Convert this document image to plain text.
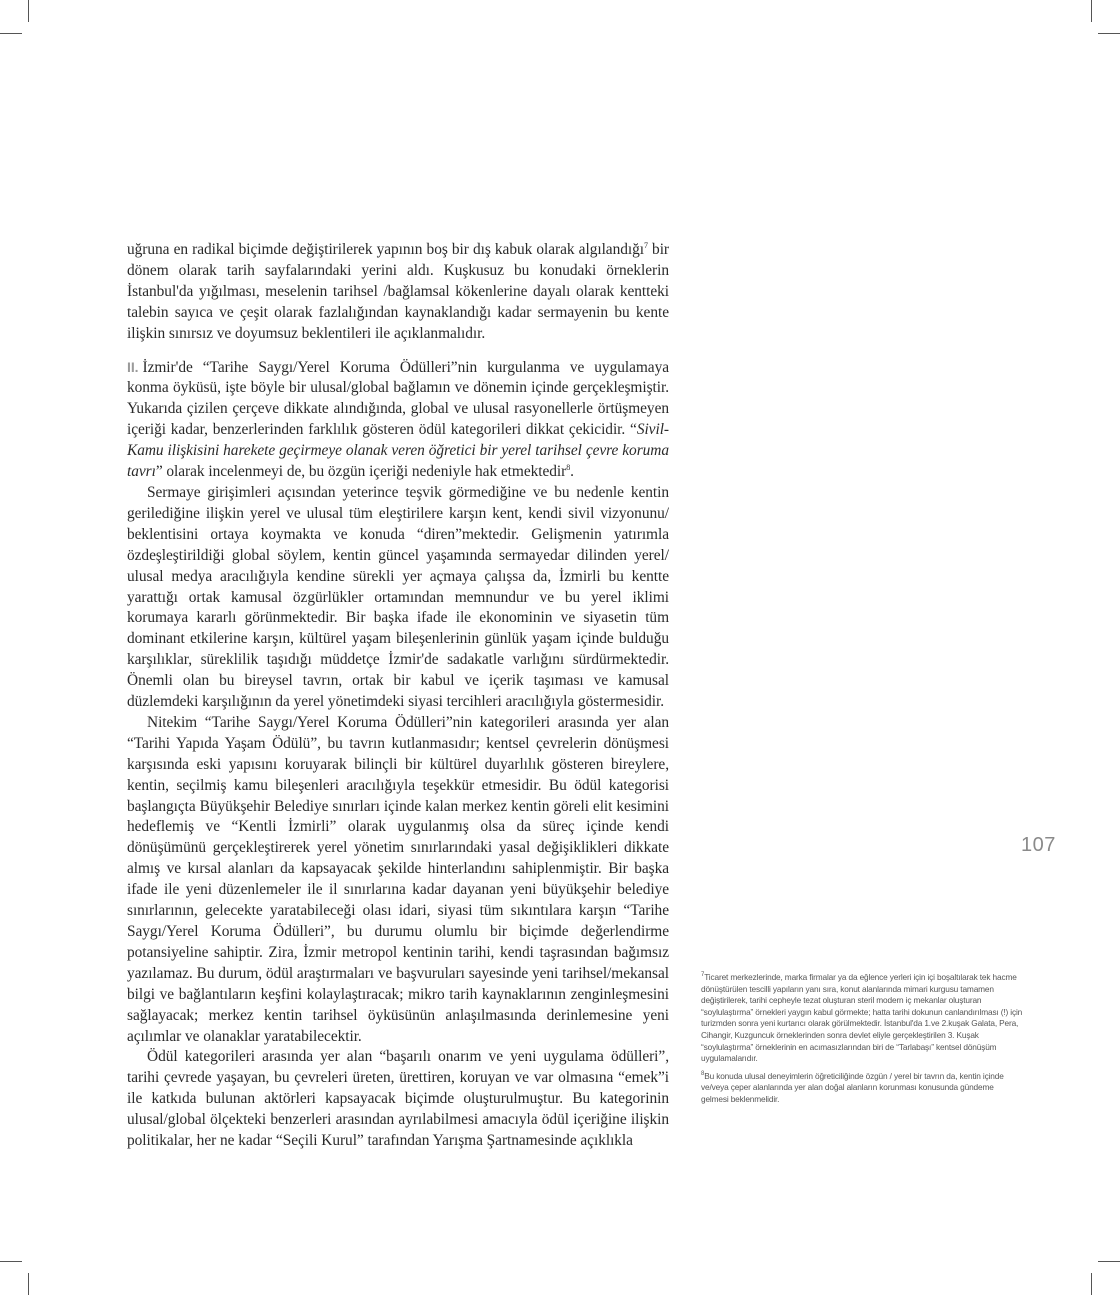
uğruna en radikal biçimde değiştirilerek yapının boş bir dış kabuk olarak algılandığı$^7$ bir dönem olarak tarih sayfalarındaki yerini aldı. Kuşkusuz bu konudaki örneklerin İstanbul'da yığılması, meselenin tarihsel /bağlamsal kökenlerine dayalı olarak kentteki talebin sayıca ve çeşit olarak fazlalığından kaynaklandığı kadar sermayenin bu kente ilişkin sınırsız ve doyumsuz beklentileri ile açıklanmalıdır.

II. İzmir'de “Tarihe Saygı/Yerel Koruma Ödülleri”nin kurgulanma ve uygulamaya konma öyküsü, işte böyle bir ulusal/global bağlamın ve dönemin içinde gerçekleşmiştir. Yukarıda çizilen çerçeve dikkate alındığında, global ve ulusal rasyonellerle örtüşmeyen içeriği kadar, benzerlerinden farklılık gösteren ödül kategorileri dikkat çekicidir. “Sivil-Kamu ilişkisini harekete geçirmeye olanak veren öğretici bir yerel tarihsel çevre koruma tavrı” olarak incelenmeyi de, bu özgün içeriği nedeniyle hak etmektedir$^8$.

Sermaye girişimleri açısından yeterince teşvik görmediğine ve bu nedenle kentin gerilediğine ilişkin yerel ve ulusal tüm eleştirilere karşın kent, kendi sivil vizyonunu/ beklentisini ortaya koymakta ve konuda “diren”mektedir. Gelişmenin yatırımla özdeşleştirildiği global söylem, kentin güncel yaşamında sermayedar dilinden yerel/ ulusal medya aracılığıyla kendine sürekli yer açmaya çalışsa da, İzmirli bu kentte yarattığı ortak kamusal özgürlükler ortamından memnundur ve bu yerel iklimi korumaya kararlı görünmektedir. Bir başka ifade ile ekonominin ve siyasetin tüm dominant etkilerine karşın, kültürel yaşam bileşenlerinin günlük yaşam içinde bulduğu karşılıklar, süreklilik taşıdığı müddetçe İzmir'de sadakatle varlığını sürdürmektedir. Önemli olan bu bireysel tavrın, ortak bir kabul ve içerik taşıması ve kamusal düzlemdeki karşılığının da yerel yönetimdeki siyasi tercihleri aracılığıyla göstermesidir.

Nitekim “Tarihe Saygı/Yerel Koruma Ödülleri”nin kategorileri arasında yer alan “Tarihi Yapıda Yaşam Ödülü”, bu tavrın kutlanmasıdır; kentsel çevrelerin dönüşmesi karşısında eski yapısını koruyarak bilinçli bir kültürel duyarlılık gösteren bireylere, kentin, seçilmiş kamu bileşenleri aracılığıyla teşekkür etmesidir. Bu ödül kategorisi başlangıçta Büyükşehir Belediye sınırları içinde kalan merkez kentin göreli elit kesimini hedeflemiş ve “Kentli İzmirli” olarak uygulanmış olsa da süreç içinde kendi dönüşümünü gerçekleştirerek yerel yönetim sınırlarındaki yasal değişiklikleri dikkate almış ve kırsal alanları da kapsayacak şekilde hinterlandını sahiplenmiştir. Bir başka ifade ile yeni düzenlemeler ile il sınırlarına kadar dayanan yeni büyükşehir belediye sınırlarının, gelecekte yaratabileceği olası idari, siyasi tüm sıkıntılara karşın “Tarihe Saygı/Yerel Koruma Ödülleri”, bu durumu olumlu bir biçimde değerlendirme potansiyeline sahiptir. Zira, İzmir metropol kentinin tarihi, kendi taşrasından bağımsız yazılamaz. Bu durum, ödül araştırmaları ve başvuruları sayesinde yeni tarihsel/mekansal bilgi ve bağlantıların keşfini kolaylaştıracak; mikro tarih kaynaklarının zenginleşmesini sağlayacak; merkez kentin tarihsel öyküsünün anlaşılmasında derinlemesine yeni açılımlar ve olanaklar yaratabilecektir.

Ödül kategorileri arasında yer alan “başarılı onarım ve yeni uygulama ödülleri”, tarihi çevrede yaşayan, bu çevreleri üreten, ürettiren, koruyan ve var olmasına “emek”i ile katkıda bulunan aktörleri kapsayacak biçimde oluşturulmuştur. Bu kategorinin ulusal/global ölçekteki benzerleri arasından ayrılabilmesi amacıyla ödül içeriğine ilişkin politikalar, her ne kadar “Seçili Kurul” tarafından Yarışma Şartnamesinde açıklıkla

107

$^7$Ticaret merkezlerinde, marka firmalar ya da eğlence yerleri için içi boşaltılarak tek hacme dönüştürülen tescilli yapıların yanı sıra, konut alanlarında mimari kurgusu tamamen değiştirilerek, tarihi cepheyle tezat oluşturan steril modern iç mekanlar oluşturan “soylulaştırma” örnekleri yaygın kabul görmekte; hatta tarihi dokunun canlandırılması (!) için turizmden sonra yeni kurtarıcı olarak görülmektedir. İstanbul'da 1.ve 2.kuşak Galata, Pera, Cihangir, Kuzguncuk örneklerinden sonra devlet eliyle gerçekleştirilen 3. Kuşak “soylulaştırma” örneklerinin en acımasızlarından biri de “Tarlabaşı” kentsel dönüşüm uygulamalarıdır.

$^8$Bu konuda ulusal deneyimlerin öğreticiliğinde özgün / yerel bir tavrın da, kentin içinde ve/veya çeper alanlarında yer alan doğal alanların korunması konusunda gündeme gelmesi beklenmelidir.
